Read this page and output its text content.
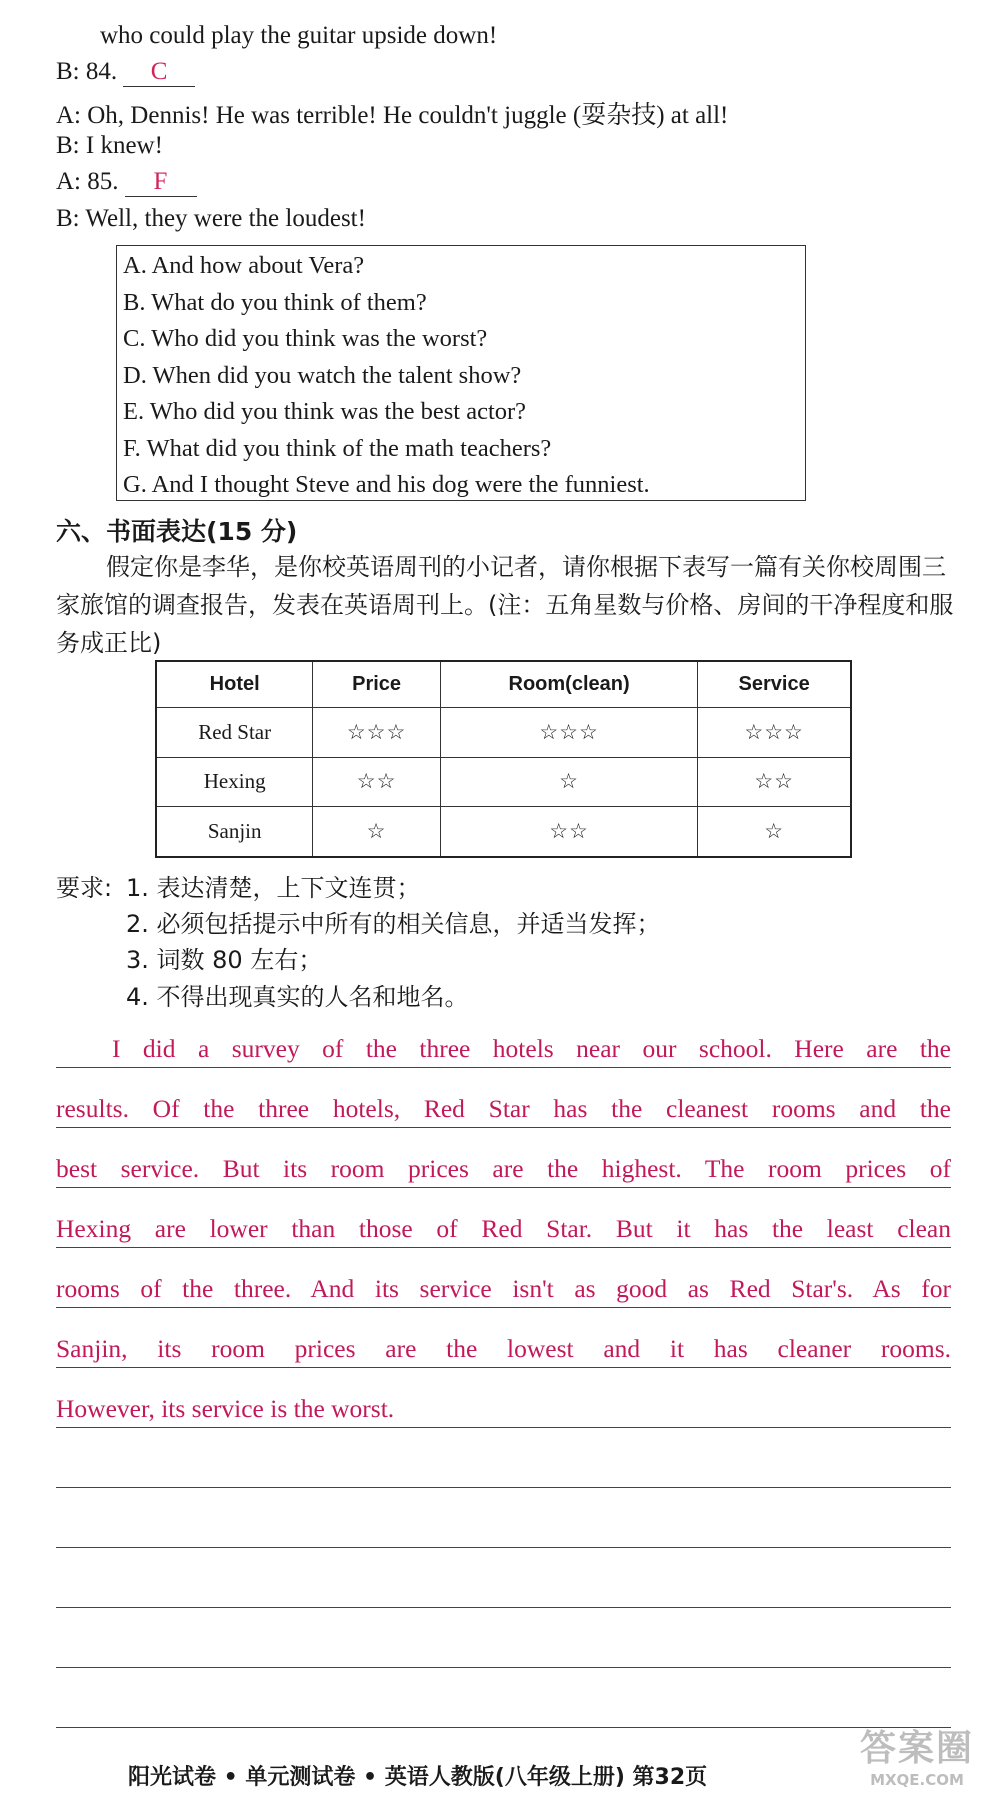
who could play the guitar upside down!
B: 84. C
A: Oh, Dennis! He was terrible! He couldn't juggle (耍杂技) at all!
B: I knew!
A: 85. F
B: Well, they were the loudest!
A. And how about Vera?
B. What do you think of them?
C. Who did you think was the worst?
D. When did you watch the talent show?
E. Who did you think was the best actor?
F. What did you think of the math teachers?
G. And I thought Steve and his dog were the funniest.
六、书面表达(15 分)
假定你是李华，是你校英语周刊的小记者，请你根据下表写一篇有关你校周围三家旅馆的调查报告，发表在英语周刊上。(注：五角星数与价格、房间的干净程度和服务成正比)
Hotel	Price	Room(clean)	Service
Red Star	☆☆☆	☆☆☆	☆☆☆
Hexing	☆☆	☆	☆☆
Sanjin	☆	☆☆	☆
要求: 1. 表达清楚，上下文连贯；
2. 必须包括提示中所有的相关信息，并适当发挥；
3. 词数 80 左右；
4. 不得出现真实的人名和地名。
I did a survey of the three hotels near our school. Here are the
results. Of the three hotels, Red Star has the cleanest rooms and the
best service. But its room prices are the highest. The room prices of
Hexing are lower than those of Red Star. But it has the least clean
rooms of the three. And its service isn't as good as Red Star's. As for
Sanjin, its room prices are the lowest and it has cleaner rooms.
However, its service is the worst.
阳光试卷 • 单元测试卷 • 英语人教版(八年级上册) 第32页
答案圈
MXQE.COM
